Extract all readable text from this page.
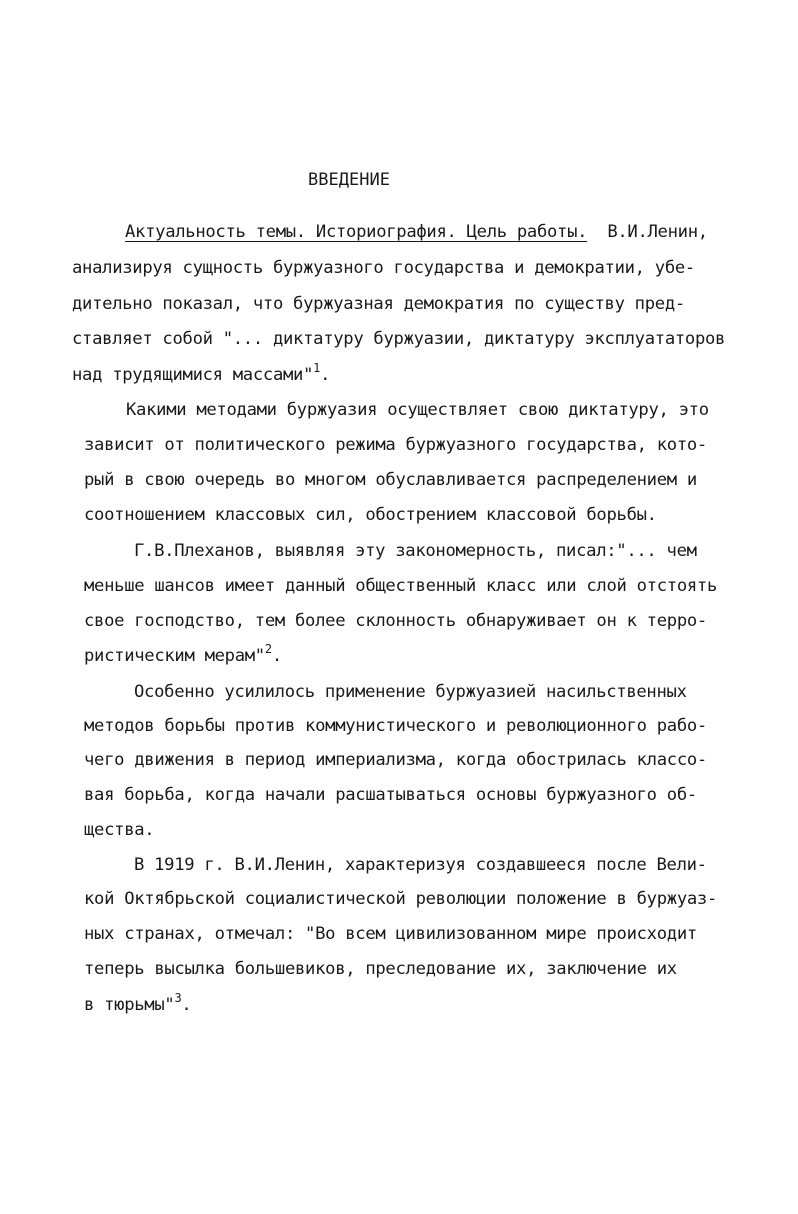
ВВЕДЕНИЕ
Актуальность темы. Историография. Цель работы. В.И.Ленин,
анализируя сущность буржуазного государства и демократии, убе-
дительно показал, что буржуазная демократия по существу пред-
ставляет собой "... диктатуру буржуазии, диктатуру эксплуататоров
над трудящимися массами"$^1$.
Какими методами буржуазия осуществляет свою диктатуру, это
зависит от политического режима буржуазного государства, кото-
рый в свою очередь во многом обуславливается распределением и
соотношением классовых сил, обострением классовой борьбы.
Г.В.Плеханов, выявляя эту закономерность, писал:"... чем
меньше шансов имеет данный общественный класс или слой отстоять
свое господство, тем более склонность обнаруживает он к терро-
ристическим мерам"$^2$.
Особенно усилилось применение буржуазией насильственных
методов борьбы против коммунистического и революционного рабо-
чего движения в период империализма, когда обострилась классо-
вая борьба, когда начали расшатываться основы буржуазного об-
щества.
В 1919 г. В.И.Ленин, характеризуя создавшееся после Вели-
кой Октябрьской социалистической революции положение в буржуаз-
ных странах, отмечал: "Во всем цивилизованном мире происходит
теперь высылка большевиков, преследование их, заключение их
в тюрьмы"$^3$.
